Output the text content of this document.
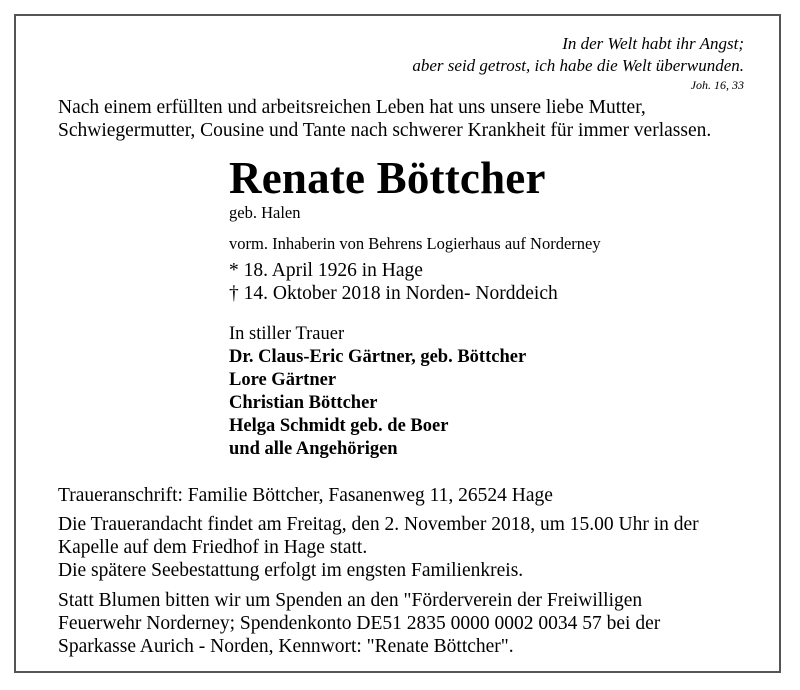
In der Welt habt ihr Angst;
aber seid getrost, ich habe die Welt überwunden.
Joh. 16, 33
Nach einem erfüllten und arbeitsreichen Leben hat uns unsere liebe Mutter,
Schwiegermutter, Cousine und Tante nach schwerer Krankheit für immer verlassen.
Renate Böttcher
geb. Halen
vorm. Inhaberin von Behrens Logierhaus auf Norderney
* 18. April 1926 in Hage
† 14. Oktober 2018 in Norden- Norddeich
In stiller Trauer
Dr. Claus-Eric Gärtner, geb. Böttcher
Lore Gärtner
Christian Böttcher
Helga Schmidt geb. de Boer
und alle Angehörigen
Traueranschrift: Familie Böttcher, Fasanenweg 11, 26524 Hage
Die Trauerandacht findet am Freitag, den 2. November 2018, um 15.00 Uhr in der
Kapelle auf dem Friedhof in Hage statt.
Die spätere Seebestattung erfolgt im engsten Familienkreis.
Statt Blumen bitten wir um Spenden an den "Förderverein der Freiwilligen
Feuerwehr Norderney; Spendenkonto DE51 2835 0000 0002 0034 57 bei der
Sparkasse Aurich - Norden, Kennwort: "Renate Böttcher".
